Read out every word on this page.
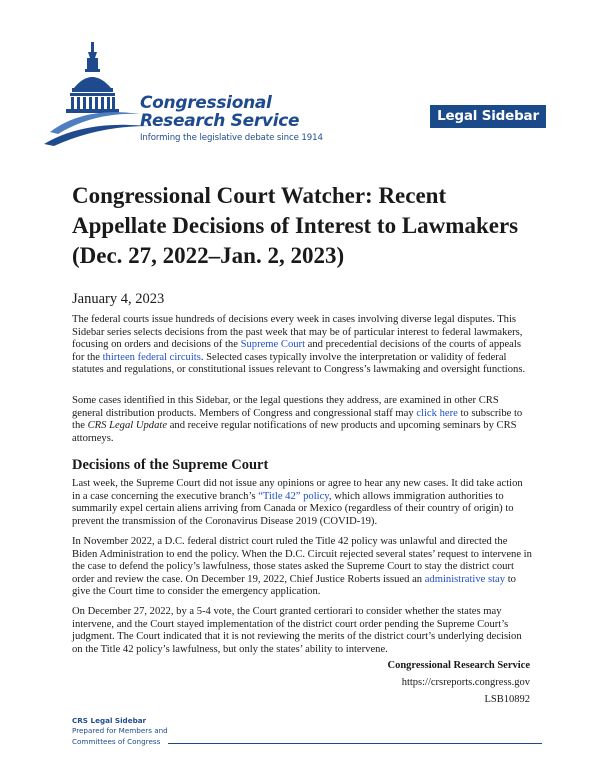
Congressional
Research Service
Informing the legislative debate since 1914
Legal Sidebar
Congressional Court Watcher: Recent Appellate Decisions of Interest to Lawmakers (Dec. 27, 2022–Jan. 2, 2023)
January 4, 2023

The federal courts issue hundreds of decisions every week in cases involving diverse legal disputes. This Sidebar series selects decisions from the past week that may be of particular interest to federal lawmakers, focusing on orders and decisions of the Supreme Court and precedential decisions of the courts of appeals for the thirteen federal circuits. Selected cases typically involve the interpretation or validity of federal statutes and regulations, or constitutional issues relevant to Congress’s lawmaking and oversight functions.

Some cases identified in this Sidebar, or the legal questions they address, are examined in other CRS general distribution products. Members of Congress and congressional staff may click here to subscribe to the CRS Legal Update and receive regular notifications of new products and upcoming seminars by CRS attorneys.

Decisions of the Supreme Court

Last week, the Supreme Court did not issue any opinions or agree to hear any new cases. It did take action in a case concerning the executive branch’s “Title 42” policy, which allows immigration authorities to summarily expel certain aliens arriving from Canada or Mexico (regardless of their country of origin) to prevent the transmission of the Coronavirus Disease 2019 (COVID-19).

In November 2022, a D.C. federal district court ruled the Title 42 policy was unlawful and directed the Biden Administration to end the policy. When the D.C. Circuit rejected several states’ request to intervene in the case to defend the policy’s lawfulness, those states asked the Supreme Court to stay the district court order and review the case. On December 19, 2022, Chief Justice Roberts issued an administrative stay to give the Court time to consider the emergency application.

On December 27, 2022, by a 5-4 vote, the Court granted certiorari to consider whether the states may intervene, and the Court stayed implementation of the district court order pending the Supreme Court’s judgment. The Court indicated that it is not reviewing the merits of the district court’s underlying decision on the Title 42 policy’s lawfulness, but only the states’ ability to intervene.

Congressional Research Service
https://crsreports.congress.gov
LSB10892
CRS Legal Sidebar
Prepared for Members and
Committees of Congress
